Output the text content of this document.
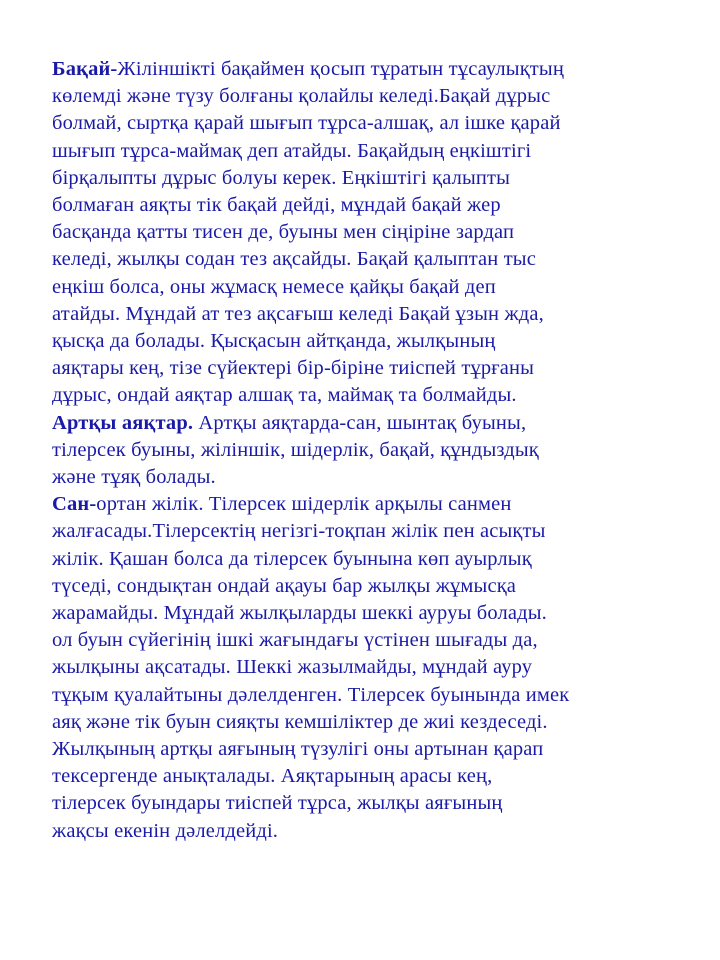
Бақай-Жіліншікті бақаймен қосып тұратын тұсаулықтың
көлемді және түзу болғаны қолайлы келеді.Бақай дұрыс
болмай, сыртқа қарай шығып тұрса-алшақ, ал ішке қарай
шығып тұрса-маймақ деп атайды. Бақайдың еңкіштігі
бірқалыпты дұрыс болуы керек. Еңкіштігі қалыпты
болмаған аяқты тік бақай дейді, мұндай бақай жер
басқанда қатты тисен де, буыны мен сіңіріне зардап
келеді, жылқы содан тез ақсайды. Бақай қалыптан тыс
еңкіш болса, оны жұмасқ немесе қайқы бақай деп
атайды. Мұндай ат тез ақсағыш келеді Бақай ұзын жда,
қысқа да болады. Қысқасын айтқанда, жылқының
аяқтары кең, тізе сүйектері бір-біріне тиіспей тұрғаны
дұрыс, ондай аяқтар алшақ та, маймақ та болмайды.
Артқы аяқтар. Артқы аяқтарда-сан, шынтақ буыны,
тілерсек буыны, жіліншік, шідерлік, бақай, құндыздық
және тұяқ болады.
Сан-ортан жілік. Тілерсек шідерлік арқылы санмен
жалғасады.Тілерсектің негізгі-тоқпан жілік пен асықты
жілік. Қашан болса да тілерсек буынына көп ауырлық
түседі, сондықтан ондай ақауы бар жылқы жұмысқа
жарамайды. Мұндай жылқыларды шеккі ауруы болады.
ол буын сүйегінің ішкі жағындағы үстінен шығады да,
жылқыны ақсатады. Шеккі жазылмайды, мұндай ауру
тұқым қуалайтыны дәлелденген. Тілерсек буынында имек
аяқ және тік буын сияқты кемшіліктер де жиі кездеседі.
Жылқының артқы аяғының түзулігі оны артынан қарап
тексергенде анықталады. Аяқтарының арасы кең,
тілерсек буындары тиіспей тұрса, жылқы аяғының
жақсы екенін дәлелдейді.
